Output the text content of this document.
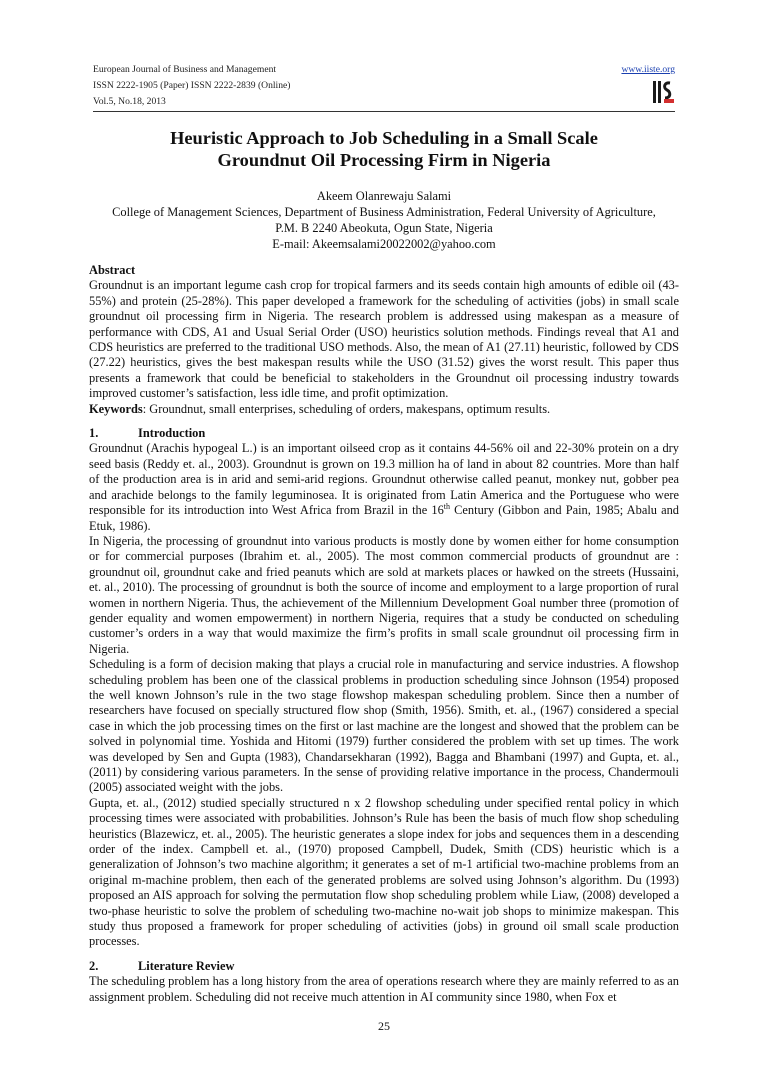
European Journal of Business and Management
ISSN 2222-1905 (Paper) ISSN 2222-2839 (Online)
Vol.5, No.18, 2013
www.iiste.org
Heuristic Approach to Job Scheduling in a Small Scale
Groundnut Oil Processing Firm in Nigeria
Akeem Olanrewaju Salami
College of Management Sciences, Department of Business Administration, Federal University of Agriculture,
P.M. B 2240 Abeokuta, Ogun State, Nigeria
E-mail: Akeemsalami20022002@yahoo.com

Abstract

Groundnut is an important legume cash crop for tropical farmers and its seeds contain high amounts of edible oil (43-55%) and protein (25-28%). This paper developed a framework for the scheduling of activities (jobs) in small scale groundnut oil processing firm in Nigeria. The research problem is addressed using makespan as a measure of performance with CDS, A1 and Usual Serial Order (USO) heuristics solution methods. Findings reveal that A1 and CDS heuristics are preferred to the traditional USO methods. Also, the mean of A1 (27.11) heuristic, followed by CDS (27.22) heuristics, gives the best makespan results while the USO (31.52) gives the worst result. This paper thus presents a framework that could be beneficial to stakeholders in the Groundnut oil processing industry towards improved customer’s satisfaction, less idle time, and profit optimization.

Keywords: Groundnut, small enterprises, scheduling of orders, makespans, optimum results.

1.	Introduction

Groundnut (Arachis hypogeal L.) is an important oilseed crop as it contains 44-56% oil and 22-30% protein on a dry seed basis (Reddy et. al., 2003). Groundnut is grown on 19.3 million ha of land in about 82 countries. More than half of the production area is in arid and semi-arid regions. Groundnut otherwise called peanut, monkey nut, gobber pea and arachide belongs to the family leguminosea. It is originated from Latin America and the Portuguese who were responsible for its introduction into West Africa from Brazil in the 16th Century (Gibbon and Pain, 1985; Abalu and Etuk, 1986).

In Nigeria, the processing of groundnut into various products is mostly done by women either for home consumption or for commercial purposes (Ibrahim et. al., 2005). The most common commercial products of groundnut are : groundnut oil, groundnut cake and fried peanuts which are sold at markets places or hawked on the streets (Hussaini, et. al., 2010). The processing of groundnut is both the source of income and employment to a large proportion of rural women in northern Nigeria. Thus, the achievement of the Millennium Development Goal number three (promotion of gender equality and women empowerment) in northern Nigeria, requires that a study be conducted on scheduling customer’s orders in a way that would maximize the firm’s profits in small scale groundnut oil processing firm in Nigeria.

Scheduling is a form of decision making that plays a crucial role in manufacturing and service industries. A flowshop scheduling problem has been one of the classical problems in production scheduling since Johnson (1954) proposed the well known Johnson’s rule in the two stage flowshop makespan scheduling problem. Since then a number of researchers have focused on specially structured flow shop (Smith, 1956). Smith, et. al., (1967) considered a special case in which the job processing times on the first or last machine are the longest and showed that the problem can be solved in polynomial time. Yoshida and Hitomi (1979) further considered the problem with set up times. The work was developed by Sen and Gupta (1983), Chandarsekharan (1992), Bagga and Bhambani (1997) and Gupta, et. al., (2011) by considering various parameters. In the sense of providing relative importance in the process, Chandermouli (2005) associated weight with the jobs.

Gupta, et. al., (2012) studied specially structured n x 2 flowshop scheduling under specified rental policy in which processing times were associated with probabilities. Johnson’s Rule has been the basis of much flow shop scheduling heuristics (Blazewicz, et. al., 2005). The heuristic generates a slope index for jobs and sequences them in a descending order of the index. Campbell et. al., (1970) proposed Campbell, Dudek, Smith (CDS) heuristic which is a generalization of Johnson’s two machine algorithm; it generates a set of m-1 artificial two-machine problems from an original m-machine problem, then each of the generated problems are solved using Johnson’s algorithm. Du (1993) proposed an AIS approach for solving the permutation flow shop scheduling problem while Liaw, (2008) developed a two-phase heuristic to solve the problem of scheduling two-machine no-wait job shops to minimize makespan. This study thus proposed a framework for proper scheduling of activities (jobs) in ground oil small scale production processes.

2.	Literature Review

The scheduling problem has a long history from the area of operations research where they are mainly referred to as an assignment problem. Scheduling did not receive much attention in AI community since 1980, when Fox et

25
